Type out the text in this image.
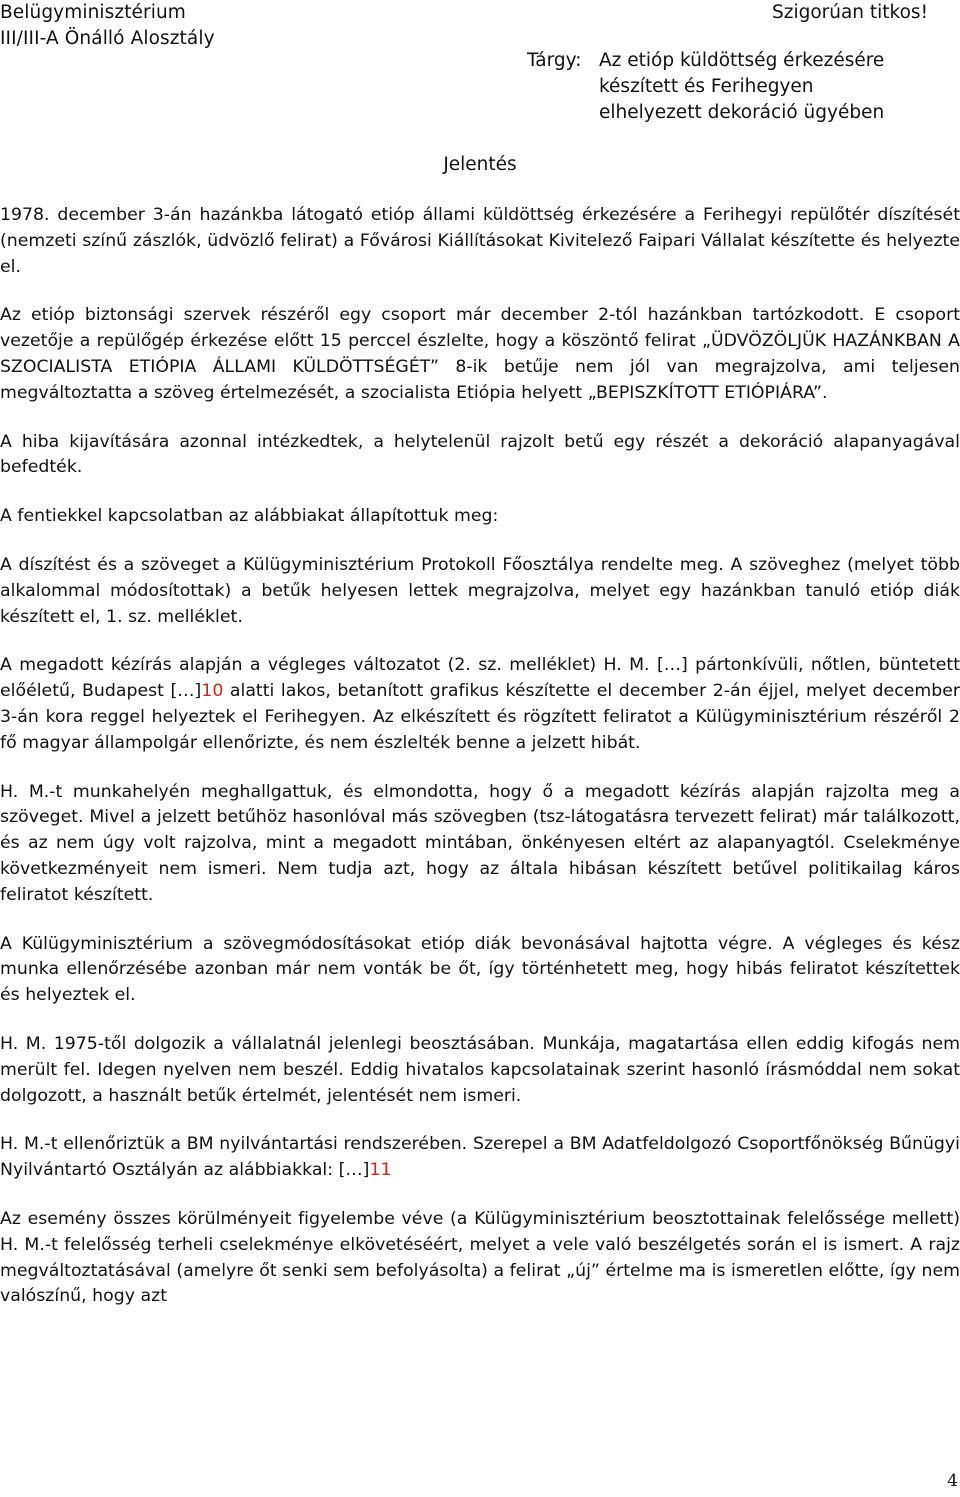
Belügyminisztérium
III/III-A Önálló Alosztály
Szigorúan titkos!
Tárgy: Az etióp küldöttség érkezésére
készített és Ferihegyen
elhelyezett dekoráció ügyében
Jelentés

1978. december 3-án hazánkba látogató etióp állami küldöttség érkezésére a Ferihegyi repülőtér díszítését (nemzeti színű zászlók, üdvözlő felirat) a Fővárosi Kiállításokat Kivitelező Faipari Vállalat készítette és helyezte el.

Az etióp biztonsági szervek részéről egy csoport már december 2-tól hazánkban tartózkodott. E csoport vezetője a repülőgép érkezése előtt 15 perccel észlelte, hogy a köszöntő felirat „ÜDVÖZÖLJÜK HAZÁNKBAN A SZOCIALISTA ETIÓPIA ÁLLAMI KÜLDÖTTSÉGÉT” 8-ik betűje nem jól van megrajzolva, ami teljesen megváltoztatta a szöveg értelmezését, a szocialista Etiópia helyett „BEPISZKÍTOTT ETIÓPIÁRA”.

A hiba kijavítására azonnal intézkedtek, a helytelenül rajzolt betű egy részét a dekoráció alapanyagával befedték.

A fentiekkel kapcsolatban az alábbiakat állapítottuk meg:

A díszítést és a szöveget a Külügyminisztérium Protokoll Főosztálya rendelte meg. A szöveghez (melyet több alkalommal módosítottak) a betűk helyesen lettek megrajzolva, melyet egy hazánkban tanuló etióp diák készített el, 1. sz. melléklet.

A megadott kézírás alapján a végleges változatot (2. sz. melléklet) H. M. […] pártonkívüli, nőtlen, büntetett előéletű, Budapest […]10 alatti lakos, betanított grafikus készítette el december 2-án éjjel, melyet december 3-án kora reggel helyeztek el Ferihegyen. Az elkészített és rögzített feliratot a Külügyminisztérium részéről 2 fő magyar állampolgár ellenőrizte, és nem észlelték benne a jelzett hibát.

H. M.-t munkahelyén meghallgattuk, és elmondotta, hogy ő a megadott kézírás alapján rajzolta meg a szöveget. Mivel a jelzett betűhöz hasonlóval más szövegben (tsz-látogatásra tervezett felirat) már találkozott, és az nem úgy volt rajzolva, mint a megadott mintában, önkényesen eltért az alapanyagtól. Cselekménye következményeit nem ismeri. Nem tudja azt, hogy az általa hibásan készített betűvel politikailag káros feliratot készített.

A Külügyminisztérium a szövegmódosításokat etióp diák bevonásával hajtotta végre. A végleges és kész munka ellenőrzésébe azonban már nem vonták be őt, így történhetett meg, hogy hibás feliratot készítettek és helyeztek el.

H. M. 1975-től dolgozik a vállalatnál jelenlegi beosztásában. Munkája, magatartása ellen eddig kifogás nem merült fel. Idegen nyelven nem beszél. Eddig hivatalos kapcsolatainak szerint hasonló írásmóddal nem sokat dolgozott, a használt betűk értelmét, jelentését nem ismeri.

H. M.-t ellenőriztük a BM nyilvántartási rendszerében. Szerepel a BM Adatfeldolgozó Csoportfőnökség Bűnügyi Nyilvántartó Osztályán az alábbiakkal: […]11

Az esemény összes körülményeit figyelembe véve (a Külügyminisztérium beosztottainak felelőssége mellett) H. M.-t felelősség terheli cselekménye elkövetéséért, melyet a vele való beszélgetés során el is ismert. A rajz megváltoztatásával (amelyre őt senki sem befolyásolta) a felirat „új” értelme ma is ismeretlen előtte, így nem valószínű, hogy azt

4
